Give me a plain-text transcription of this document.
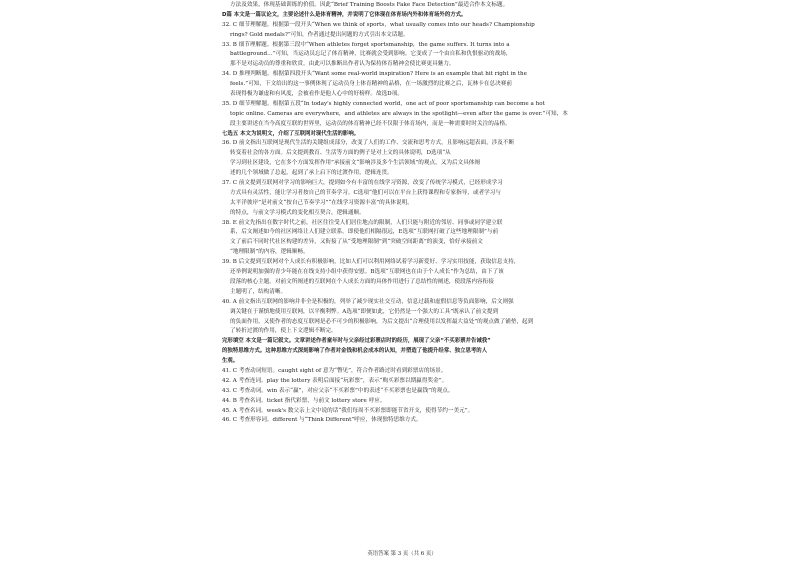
方法及效果，体现基础训练的价值。因此“Brief Training Boosts Fake Face Detection”最适合作本文标题。
D篇 本文是一篇议论文，主要论述什么是体育精神，并说明了它体现在体育场内外和体育场外的方式。
32. C 细节理解题。根据第一段开头“When we think of sports，what usually comes into our heads? Championship
rings? Gold medals?”可知，作者通过提出问题的方式引出本文话题。
33. B 细节理解题。根据第三段中“When athletes forget sportsmanship，the game suffers. It turns into a
battleground…”可知，当运动员忘记了体育精神，比赛就会受到影响。它变成了一个由自私和仇恨驱动的战场，
那不是对运动员的尊重和欣赏。由此可以推断出作者认为保持体育精神会使比赛更具魅力。
34. D 推理判断题。根据第四段开头“Want some real-world inspiration? Here is an example that hit right in the
feels.”可知，下文给出的这一事例体现了运动员身上体育精神的品格，在一场激烈的比赛之后，瓦林卡在总决赛前
表现得极为谦虚和有风度，会被看作是他人心中的好榜样。故选D项。
35. D 细节理解题。根据第五段“In today's highly connected world，one act of poor sportsmanship can become a hot
topic online. Cameras are everywhere，and athletes are always in the spotlight—even after the game is over.”可知，本
段主要讲述在当今高度互联的世界里，运动员的体育精神已经不仅限于体育场内，而是一种需要时时关注的品格。
七选五 本文为说明文，介绍了互联网对现代生活的影响。
36. D 前文指出互联网是现代生活的关键组成部分，改变了人们的工作、交流和思考方式，且影响远超表面，涉及不断
转变着社会的各方面。后文提到教育、生活等方面的例子是对上文的具体说明，D选项“从
学习到社区建设，它在多个方面发挥作用”承接前文“影响涉及多个生活领域”的观点，又为后文具体阐
述的几个领域做了总起，起到了承上启下的过渡作用，逻辑连贯。
37. C 前文提到互联网对学习的影响巨大，提到如今有丰富的在线学习资源，改变了传统学习模式，已经形成学习
方式具有灵活性，能让学习者按自己的节奏学习。C选项“他们可以在平台上获得课程和专家指导，或者学习与
太平洋彼岸”是对前文“按自己节奏学习”“在线学习资源丰富”的具体说明。
的特点，与前文学习模式的变化相互契合，逻辑通顺。
38. E 前文先指出在数字时代之前，社区往往受人们居住地点的限制，人们只能与附近的邻居、同事或同学建立联
系，后文阐述如今的社区网络让人们建立联系。即使他们相隔很远，E选项“互联网打破了这些地理限制”与前
文了前后不同时代社区构建的差异，又衔接了从“受地理限制”到“突破空间距离”的演变，恰好承接前文
“地理限制”的内容，逻辑顺畅。
39. B 后文提到互联网对个人成长有积极影响，比如人们可以利用网络试着学习新爱好、学习实用技能，获取信息支持，
还举例说明加强的青少年能在在线支持小组中获得安慰。B选项“互联网也在由于个人成长”作为总结，由下了该
段落的核心主题。对前文所阐述的互联网在个人成长方面的具体作用进行了总结性的阐述，使段落内容衔接
主题明了，结构清晰。
40. A 前文指出互联网的影响并非全是积极的，列举了减少现实社交互动，信息过载和虚假信息等负面影响，后文则强
调关键在于谨慎地使用互联网，以平衡利弊。A选项“即便如此，它仍然是一个强大的工具”既承认了前文提到
的负面作用，又使作者的态度互联网是必不可少的积极影响，为后文提出“合理使用以发挥最大益处”的观点做了铺垫，起到
了转折过渡的作用，使上下文逻辑不断完。
完形填空 本文是一篇记叙文。文章讲述作者童年时与父亲经过彩票店时的经历，展现了父亲“不买彩票并告诫我”
的独特思维方式。这种思维方式深刻影响了作者对金钱和机会成本的认知，并塑造了他提升经常、独立思考的人
生观。
41. C 考查动词短语。caught sight of 意为“瞥见”，符合作者路过时看到彩票店的场景。
42. A 考查连词。play the lottery 表明后面接“玩彩票”，表示“购买彩票以期赢得奖金”。
43. C 考查动词。win 表示“赢”，对应父亲“不买彩票”中的表述“不买彩票也是赢钱”的观点。
44. B 考查名词。ticket 指代彩票，与前文 lottery store 呼应。
45. A 考查名词。week's 数父亲上文中说的话“我们每周不买彩票即能节省开支，使得节约一美元”。
46. C 考查形容词。different 与“Think Different”呼应，体现独特思维方式。
英语答案 第 3 页（共 6 页）
